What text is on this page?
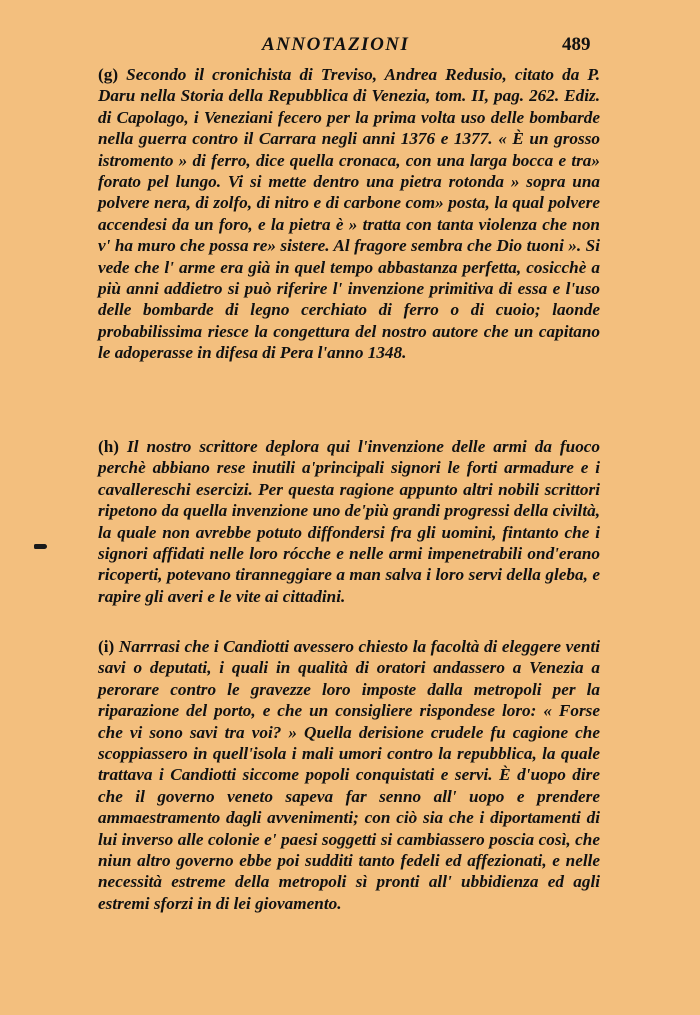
ANNOTAZIONI	489

(g) Secondo il cronichista di Treviso, Andrea Redusio, citato da P. Daru nella Storia della Repubblica di Venezia, tom. II, pag. 262. Ediz. di Capolago, i Veneziani fecero per la prima volta uso delle bombarde nella guerra contro il Carrara negli anni 1376 e 1377. « È un grosso istromento » di ferro, dice quella cronaca, con una larga bocca e tra» forato pel lungo. Vi si mette dentro una pietra rotonda » sopra una polvere nera, di zolfo, di nitro e di carbone com» posta, la qual polvere accendesi da un foro, e la pietra è » tratta con tanta violenza che non v' ha muro che possa re» sistere. Al fragore sembra che Dio tuoni ». Si vede che l' arme era già in quel tempo abbastanza perfetta, cosicchè a più anni addietro si può riferire l' invenzione primitiva di essa e l'uso delle bombarde di legno cerchiato di ferro o di cuoio; laonde probabilissima riesce la congettura del nostro autore che un capitano le adoperasse in difesa di Pera l'anno 1348.

(h) Il nostro scrittore deplora qui l'invenzione delle armi da fuoco perchè abbiano rese inutili a'principali signori le forti armadure e i cavallereschi esercizi. Per questa ragione appunto altri nobili scrittori ripetono da quella invenzione uno de'più grandi progressi della civiltà, la quale non avrebbe potuto diffondersi fra gli uomini, fintanto che i signori affidati nelle loro rócche e nelle armi impenetrabili ond'erano ricoperti, potevano tiranneggiare a man salva i loro servi della gleba, e rapire gli averi e le vite ai cittadini.

(i) Narrrasi che i Candiotti avessero chiesto la facoltà di eleggere venti savi o deputati, i quali in qualità di oratori andassero a Venezia a perorare contro le gravezze loro imposte dalla metropoli per la riparazione del porto, e che un consigliere rispondese loro: « Forse che vi sono savi tra voi? » Quella derisione crudele fu cagione che scoppiassero in quell'isola i mali umori contro la repubblica, la quale trattava i Candiotti siccome popoli conquistati e servi. È d'uopo dire che il governo veneto sapeva far senno all' uopo e prendere ammaestramento dagli avvenimenti; con ciò sia che i diportamenti di lui inverso alle colonie e' paesi soggetti si cambiassero poscia così, che niun altro governo ebbe poi sudditi tanto fedeli ed affezionati, e nelle necessità estreme della metropoli sì pronti all' ubbidienza ed agli estremi sforzi in di lei giovamento.
